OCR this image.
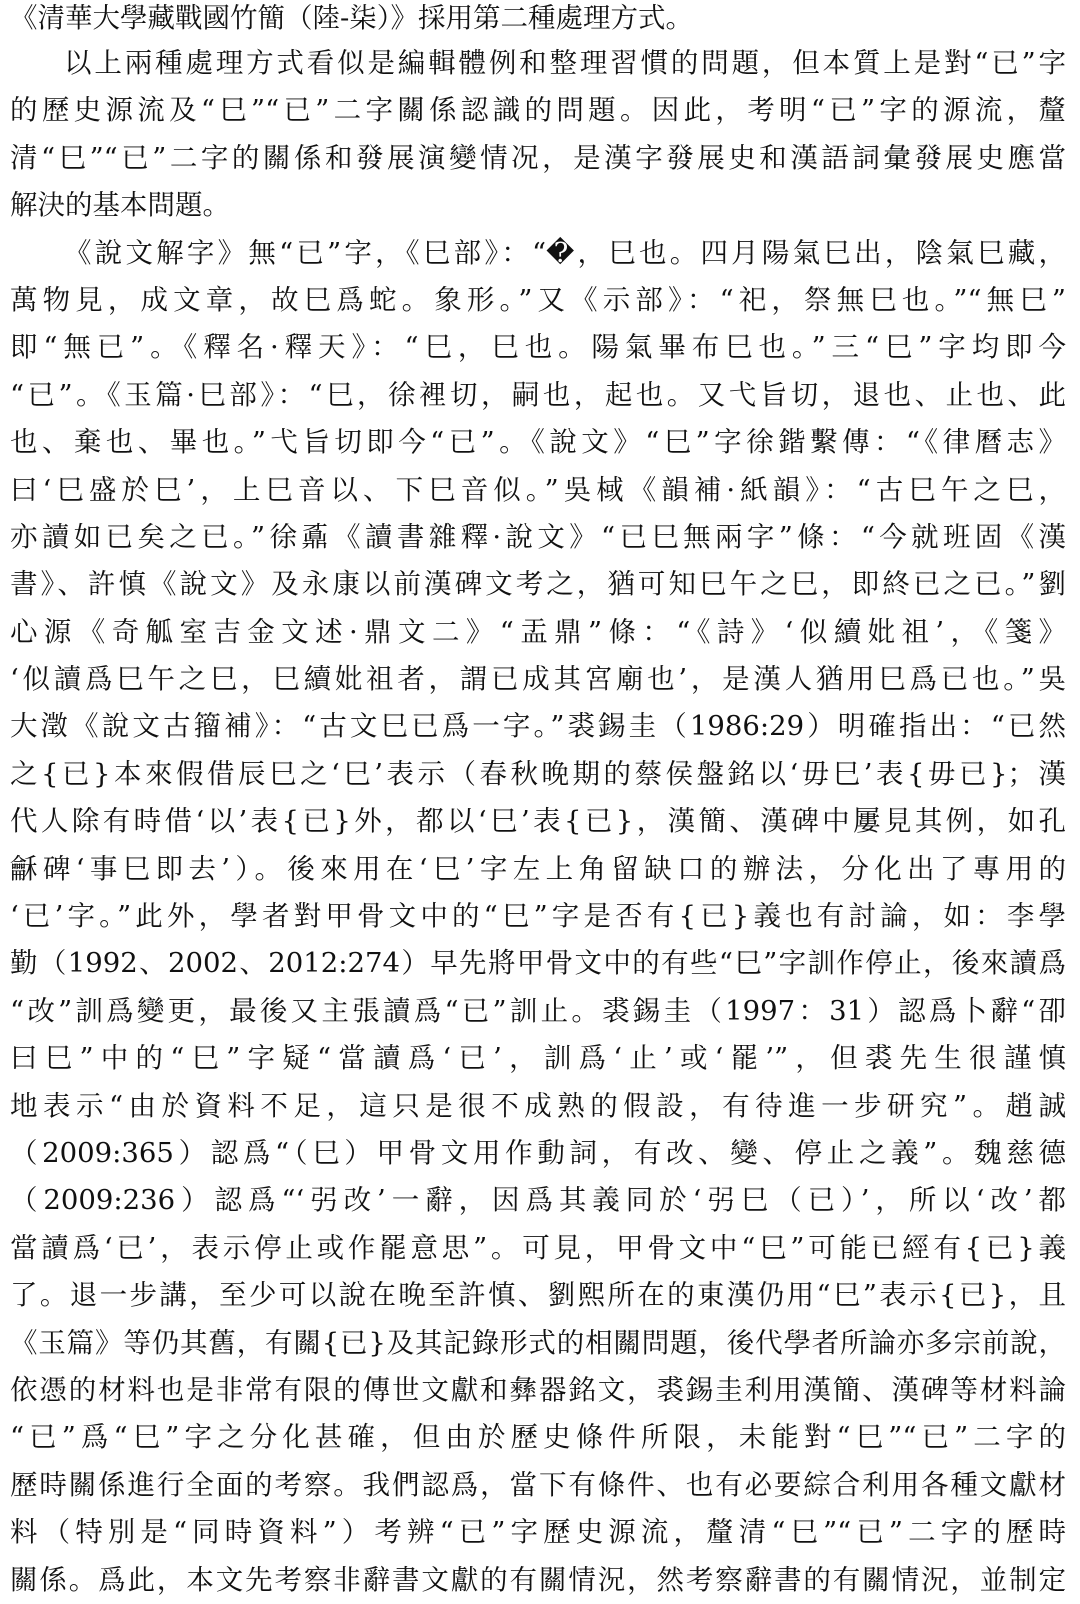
《清華大學藏戰國竹簡（陸-柒）》採用第二種處理方式。
以上兩種處理方式看似是編輯體例和整理習慣的問題，但本質上是對“已”字
的歷史源流及“巳”“已”二字關係認識的問題。因此，考明“已”字的源流，釐
清“巳”“已”二字的關係和發展演變情况，是漢字發展史和漢語詞彙發展史應當
解決的基本問題。
《說文解字》無“已”字，《巳部》：“�，巳也。四月陽氣巳出，陰氣巳藏，
萬物見，成文章，故巳爲蛇。象形。”又《示部》：“祀，祭無巳也。”“無巳”
即“無已”。《釋名·釋天》：“巳，巳也。陽氣畢布巳也。”三“巳”字均即今
“已”。《玉篇·巳部》：“巳，徐裡切，嗣也，起也。又弋旨切，退也、止也、此
也、棄也、畢也。”弋旨切即今“已”。《說文》“巳”字徐鍇繫傳：“《律曆志》
曰‘巳盛於巳’，上巳音以、下巳音似。”吳棫《韻補·紙韻》：“古巳午之巳，
亦讀如已矣之已。”徐鼒《讀書雜釋·說文》“已巳無兩字”條：“今就班固《漢
書》、許慎《說文》及永康以前漢碑文考之，猶可知巳午之巳，即終已之已。”劉
心源《奇觚室吉金文述·鼎文二》“盂鼎”條：“《詩》‘似續妣祖’，《箋》
‘似讀爲巳午之巳，巳續妣祖者，謂已成其宮廟也’，是漢人猶用巳爲已也。”吳
大澂《說文古籀補》：“古文巳已爲一字。”裘錫圭（1986:29）明確指出：“已然
之{已}本來假借辰巳之‘巳’表示（春秋晚期的蔡侯盤銘以‘毋巳’表{毋已}；漢
代人除有時借‘以’表{已}外，都以‘巳’表{已}，漢簡、漢碑中屢見其例，如孔
龢碑‘事巳即去’）。後來用在‘巳’字左上角留缺口的辦法，分化出了專用的
‘已’字。”此外，學者對甲骨文中的“巳”字是否有{已}義也有討論，如：李學
勤（1992、2002、2012:274）早先將甲骨文中的有些“巳”字訓作停止，後來讀爲
“改”訓爲變更，最後又主張讀爲“已”訓止。裘錫圭（1997：31）認爲卜辭“卲
曰巳”中的“巳”字疑“當讀爲‘已’，訓爲‘止’或‘罷’”，但裘先生很謹慎
地表示“由於資料不足，這只是很不成熟的假設，有待進一步研究”。趙誠
（2009:365）認爲“（巳）甲骨文用作動詞，有改、變、停止之義”。魏慈德
（2009:236）認爲“‘弜改’一辭，因爲其義同於‘弜巳（已）’，所以‘改’都
當讀爲‘已’，表示停止或作罷意思”。可見，甲骨文中“巳”可能已經有{已}義
了。退一步講，至少可以說在晚至許慎、劉熙所在的東漢仍用“巳”表示{已}，且
《玉篇》等仍其舊，有關{已}及其記錄形式的相關問題，後代學者所論亦多宗前說，
依憑的材料也是非常有限的傳世文獻和彝器銘文，裘錫圭利用漢簡、漢碑等材料論
“已”爲“巳”字之分化甚確，但由於歷史條件所限，未能對“巳”“已”二字的
歷時關係進行全面的考察。我們認爲，當下有條件、也有必要綜合利用各種文獻材
料（特別是“同時資料”）考辨“已”字歷史源流，釐清“巳”“已”二字的歷時
關係。爲此，本文先考察非辭書文獻的有關情況，然考察辭書的有關情況，並制定
